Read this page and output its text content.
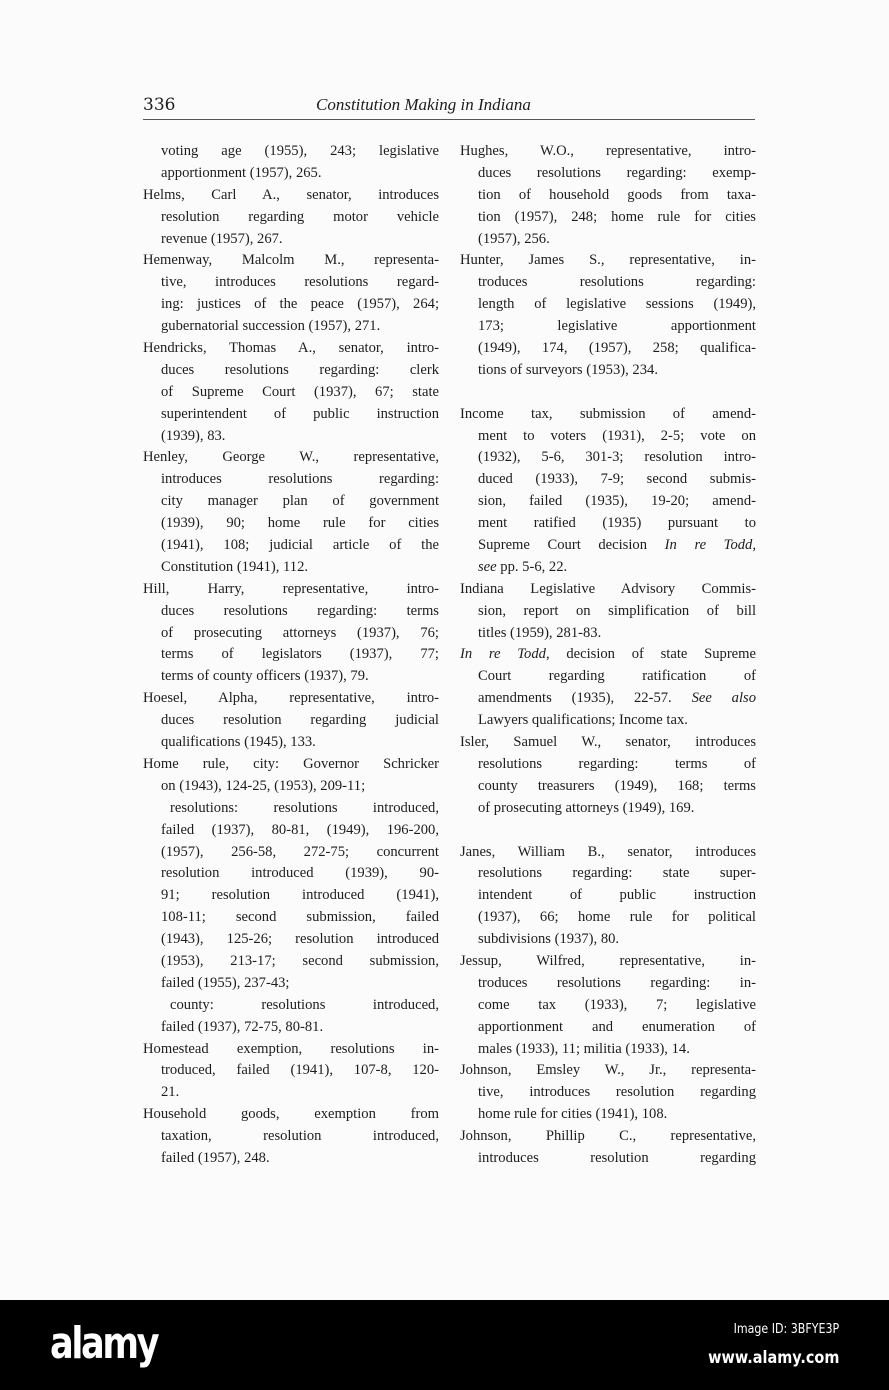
336	Constitution Making in Indiana
voting age (1955), 243; legislative
apportionment (1957), 265.
Helms, Carl A., senator, introduces
resolution regarding motor vehicle
revenue (1957), 267.
Hemenway, Malcolm M., representa-
tive, introduces resolutions regard-
ing: justices of the peace (1957), 264;
gubernatorial succession (1957), 271.
Hendricks, Thomas A., senator, intro-
duces resolutions regarding: clerk
of Supreme Court (1937), 67; state
superintendent of public instruction
(1939), 83.
Henley, George W., representative,
introduces resolutions regarding:
city manager plan of government
(1939), 90; home rule for cities
(1941), 108; judicial article of the
Constitution (1941), 112.
Hill, Harry, representative, intro-
duces resolutions regarding: terms
of prosecuting attorneys (1937), 76;
terms of legislators (1937), 77;
terms of county officers (1937), 79.
Hoesel, Alpha, representative, intro-
duces resolution regarding judicial
qualifications (1945), 133.
Home rule, city: Governor Schricker
on (1943), 124-25, (1953), 209-11;
resolutions: resolutions introduced,
failed (1937), 80-81, (1949), 196-200,
(1957), 256-58, 272-75; concurrent
resolution introduced (1939), 90-
91; resolution introduced (1941),
108-11; second submission, failed
(1943), 125-26; resolution introduced
(1953), 213-17; second submission,
failed (1955), 237-43;
county: resolutions introduced,
failed (1937), 72-75, 80-81.
Homestead exemption, resolutions in-
troduced, failed (1941), 107-8, 120-
21.
Household goods, exemption from
taxation, resolution introduced,
failed (1957), 248.
Hughes, W.O., representative, intro-
duces resolutions regarding: exemp-
tion of household goods from taxa-
tion (1957), 248; home rule for cities
(1957), 256.
Hunter, James S., representative, in-
troduces resolutions regarding:
length of legislative sessions (1949),
173; legislative apportionment
(1949), 174, (1957), 258; qualifica-
tions of surveyors (1953), 234.
Income tax, submission of amend-
ment to voters (1931), 2-5; vote on
(1932), 5-6, 301-3; resolution intro-
duced (1933), 7-9; second submis-
sion, failed (1935), 19-20; amend-
ment ratified (1935) pursuant to
Supreme Court decision In re Todd,
see pp. 5-6, 22.
Indiana Legislative Advisory Commis-
sion, report on simplification of bill
titles (1959), 281-83.
In re Todd, decision of state Supreme
Court regarding ratification of
amendments (1935), 22-57. See also
Lawyers qualifications; Income tax.
Isler, Samuel W., senator, introduces
resolutions regarding: terms of
county treasurers (1949), 168; terms
of prosecuting attorneys (1949), 169.
Janes, William B., senator, introduces
resolutions regarding: state super-
intendent of public instruction
(1937), 66; home rule for political
subdivisions (1937), 80.
Jessup, Wilfred, representative, in-
troduces resolutions regarding: in-
come tax (1933), 7; legislative
apportionment and enumeration of
males (1933), 11; militia (1933), 14.
Johnson, Emsley W., Jr., representa-
tive, introduces resolution regarding
home rule for cities (1941), 108.
Johnson, Phillip C., representative,
introduces resolution regarding
alamy	Image ID: 3BFYE3P
www.alamy.com
